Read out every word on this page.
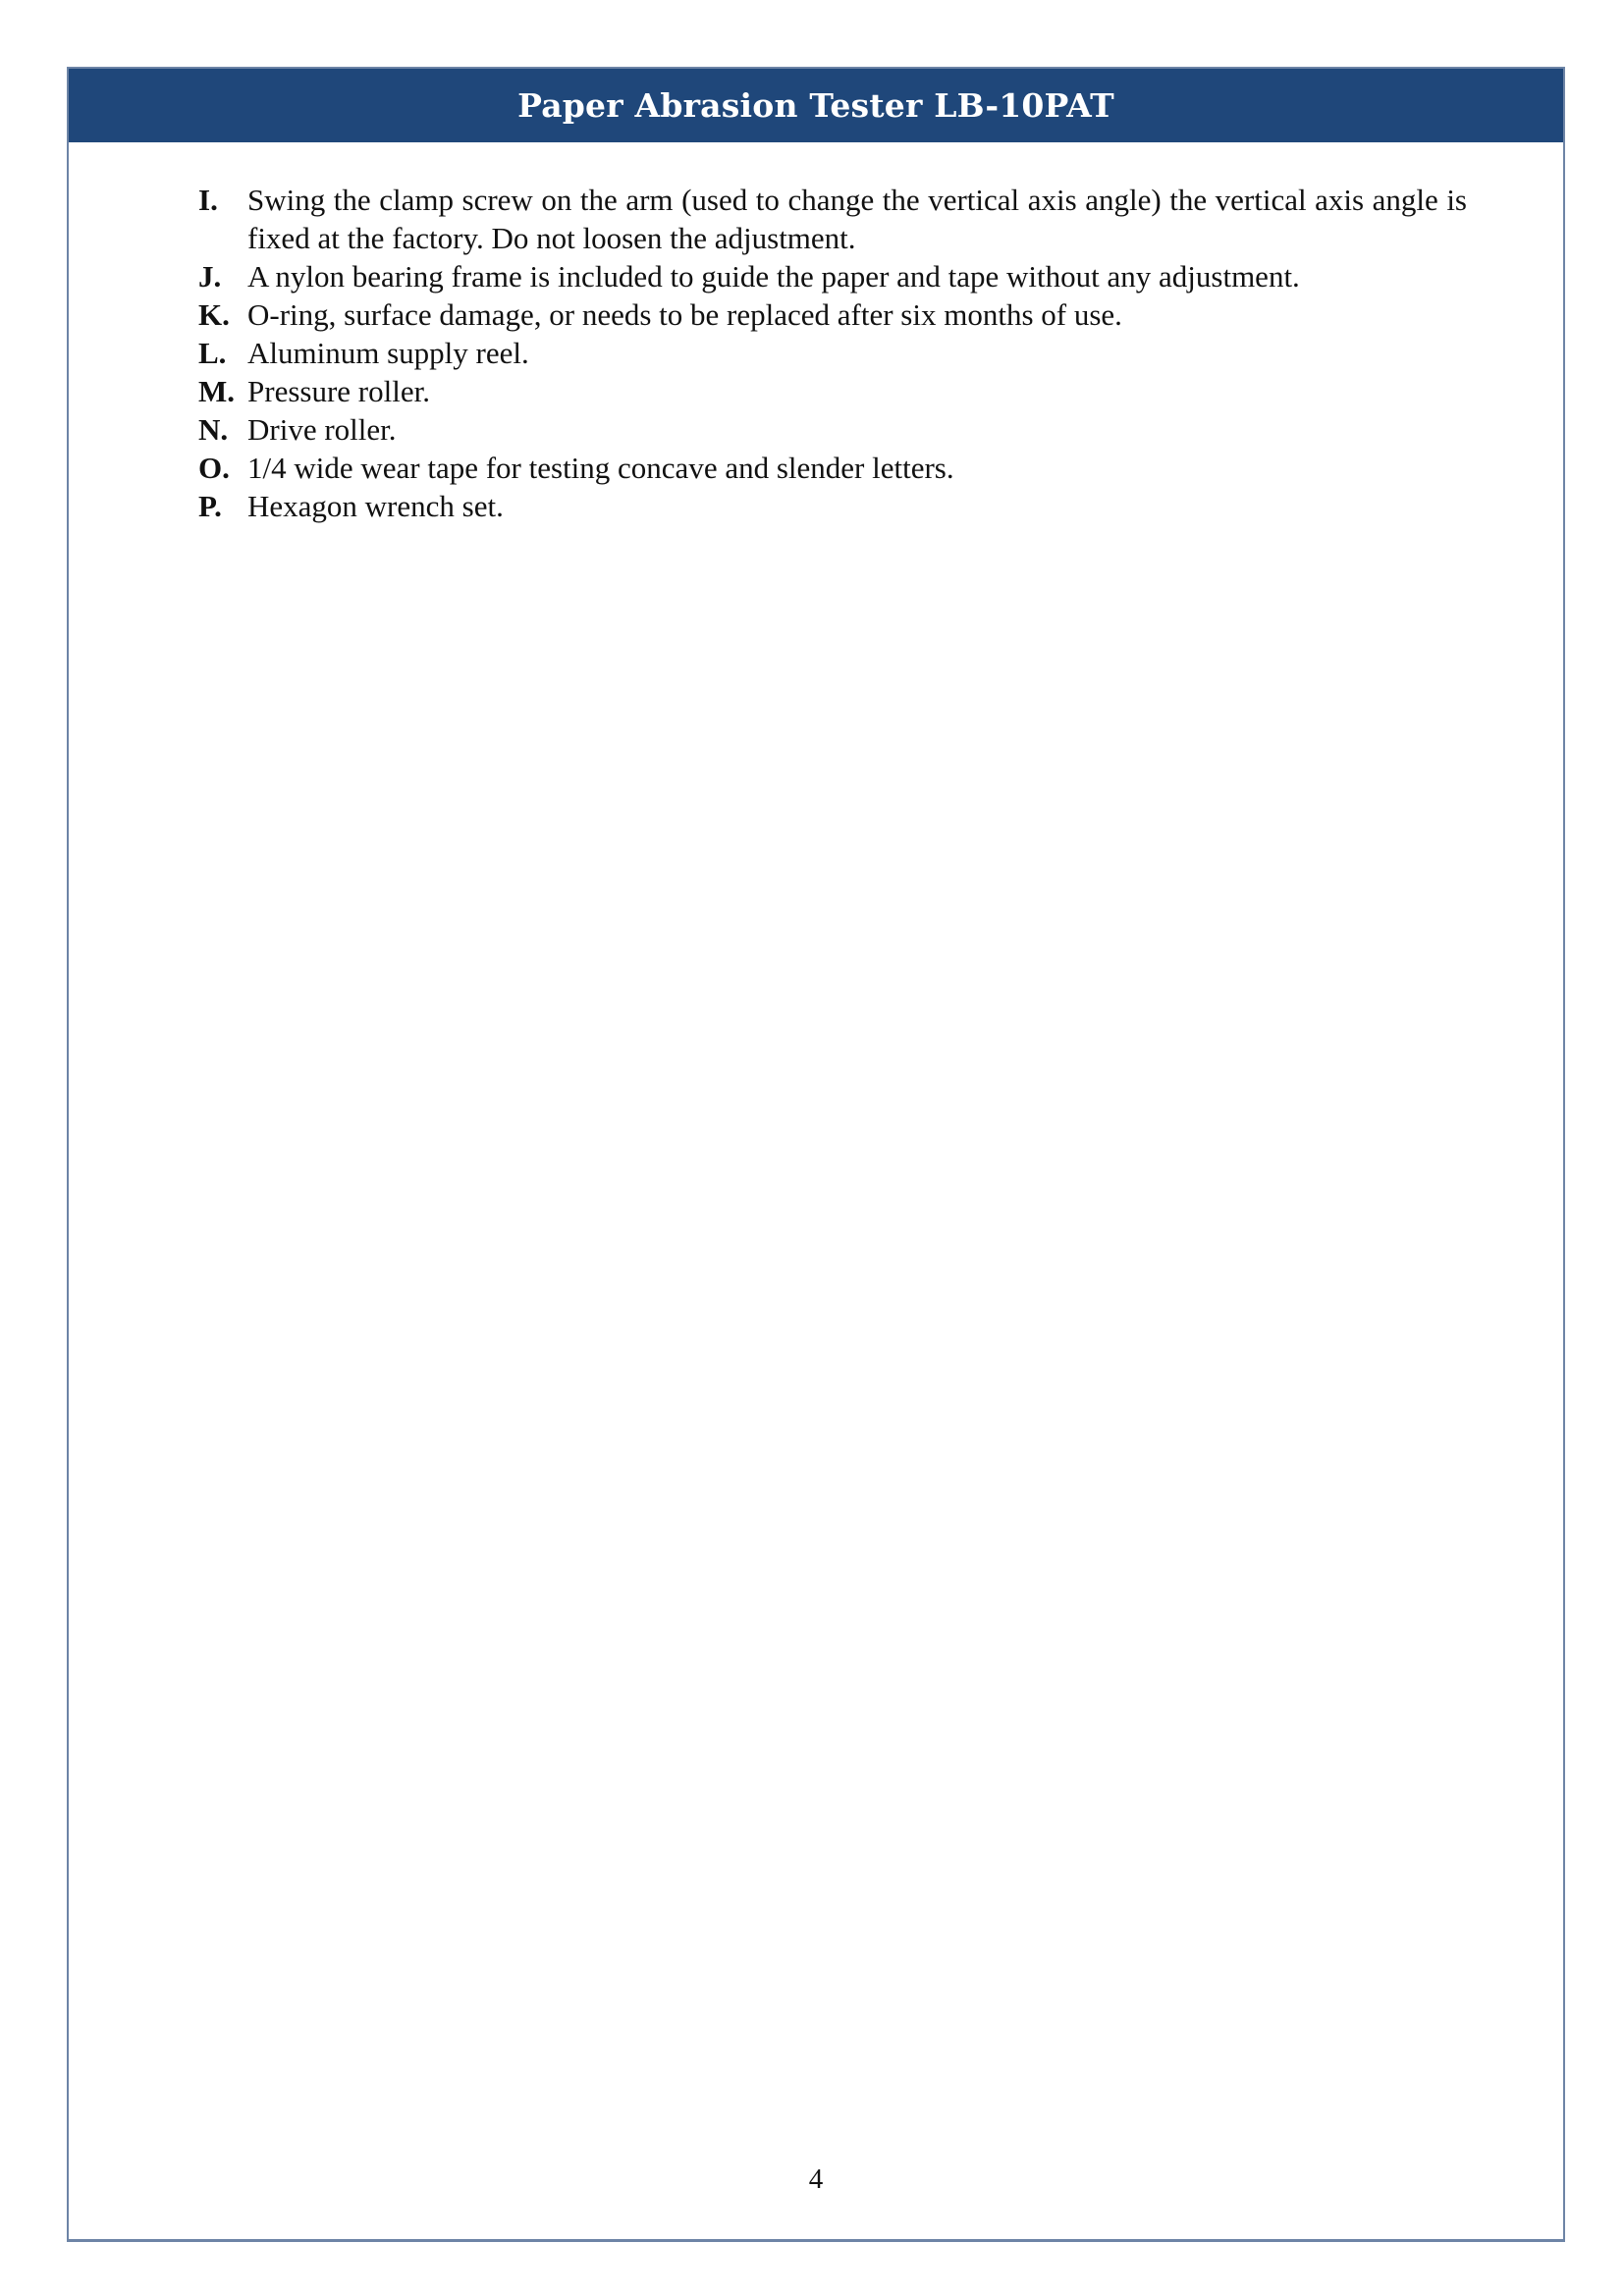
Paper Abrasion Tester LB-10PAT
4
I. Swing the clamp screw on the arm (used to change the vertical axis angle) the vertical axis angle is fixed at the factory. Do not loosen the adjustment.
J. A nylon bearing frame is included to guide the paper and tape without any adjustment.
K. O-ring, surface damage, or needs to be replaced after six months of use.
L. Aluminum supply reel.
M. Pressure roller.
N. Drive roller.
O. 1/4 wide wear tape for testing concave and slender letters.
P. Hexagon wrench set.
